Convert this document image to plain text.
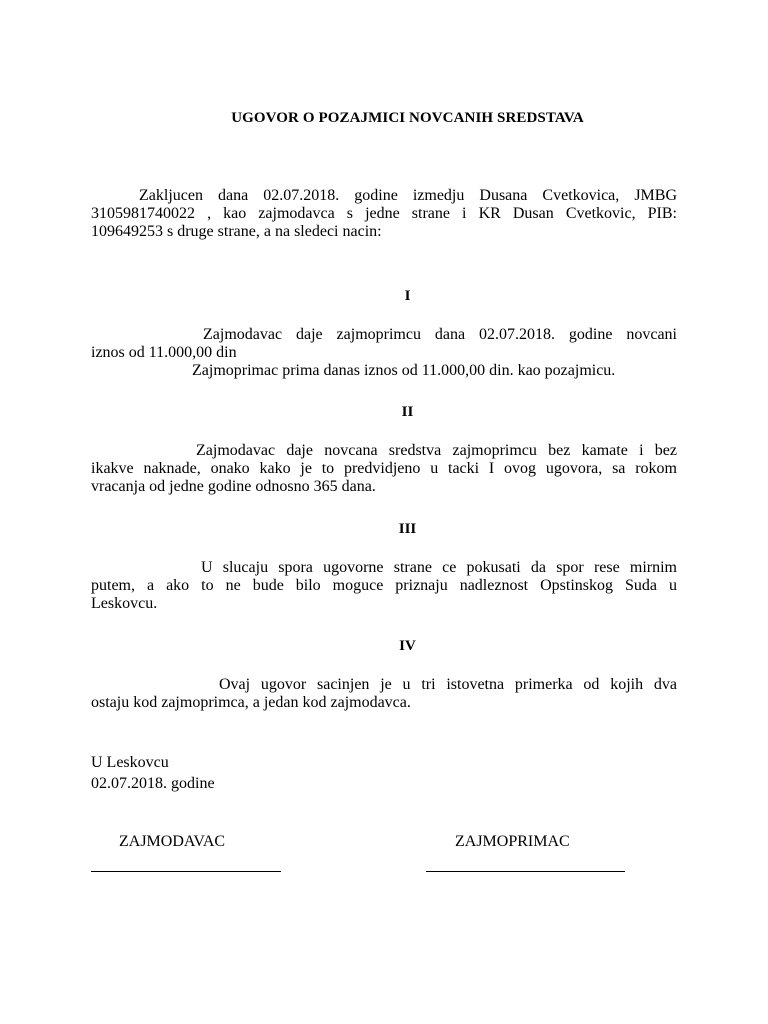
UGOVOR O POZAJMICI NOVCANIH SREDSTAVA
Zakljucen dana 02.07.2018. godine izmedju Dusana Cvetkovica, JMBG
3105981740022 , kao zajmodavca s jedne strane i KR Dusan Cvetkovic, PIB:
109649253 s druge strane, a na sledeci nacin:
I
Zajmodavac daje zajmoprimcu dana 02.07.2018. godine novcani
iznos od 11.000,00 din
Zajmoprimac prima danas iznos od 11.000,00 din. kao pozajmicu.
II
Zajmodavac daje novcana sredstva zajmoprimcu bez kamate i bez
ikakve naknade, onako kako je to predvidjeno u tacki I ovog ugovora, sa rokom
vracanja od jedne godine odnosno 365 dana.
III
U slucaju spora ugovorne strane ce pokusati da spor rese mirnim
putem, a ako to ne bude bilo moguce priznaju nadleznost Opstinskog Suda u
Leskovcu.
IV
Ovaj ugovor sacinjen je u tri istovetna primerka od kojih dva
ostaju kod zajmoprimca, a jedan kod zajmodavca.
U Leskovcu
02.07.2018. godine
ZAJMODAVAC	ZAJMOPRIMAC
